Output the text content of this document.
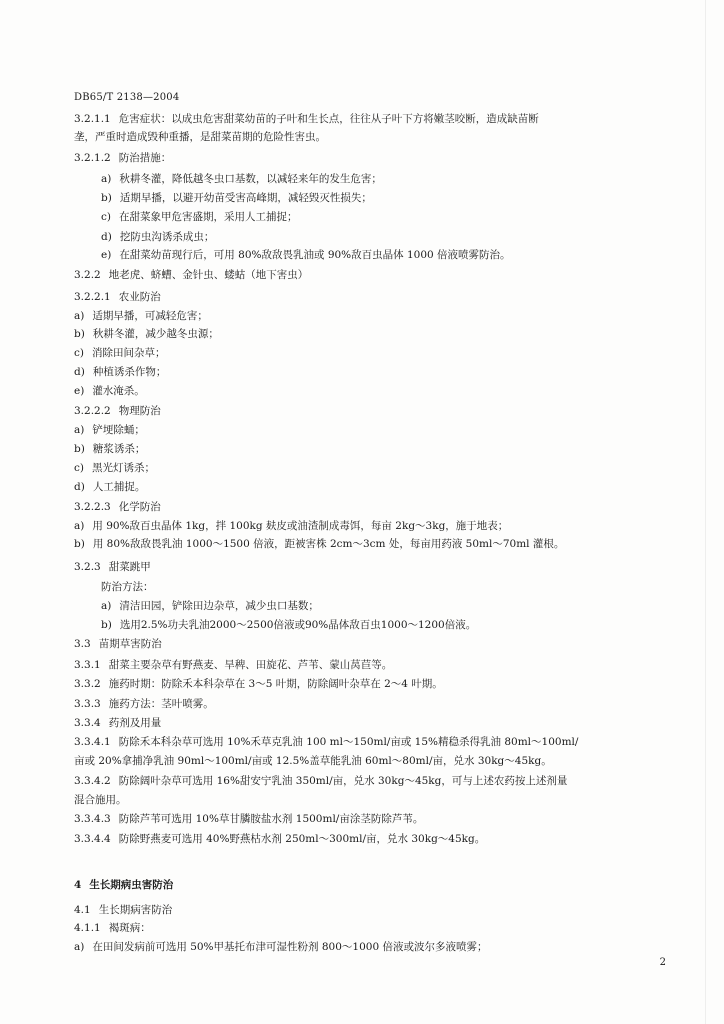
DB65/T 2138—2004
3.2.1.1 危害症状：以成虫危害甜菜幼苗的子叶和生长点，往往从子叶下方将嫩茎咬断，造成缺苗断
垄，严重时造成毁种重播，是甜菜苗期的危险性害虫。
3.2.1.2 防治措施：
a) 秋耕冬灌，降低越冬虫口基数，以减轻来年的发生危害；
b) 适期早播，以避开幼苗受害高峰期，减轻毁灭性损失；
c) 在甜菜象甲危害盛期，采用人工捕捉；
d) 挖防虫沟诱杀成虫；
e) 在甜菜幼苗现行后，可用 80%敌敌畏乳油或 90%敌百虫晶体 1000 倍液喷雾防治。
3.2.2 地老虎、蛴螬、金针虫、蝼蛄（地下害虫）
3.2.2.1 农业防治
a) 适期早播，可减轻危害；
b) 秋耕冬灌，减少越冬虫源；
c) 消除田间杂草；
d) 种植诱杀作物；
e) 灌水淹杀。
3.2.2.2 物理防治
a) 铲埂除蛹；
b) 糖浆诱杀；
c) 黑光灯诱杀；
d) 人工捕捉。
3.2.2.3 化学防治
a) 用 90%敌百虫晶体 1kg，拌 100kg 麸皮或油渣制成毒饵，每亩 2kg～3kg，施于地表；
b) 用 80%敌敌畏乳油 1000～1500 倍液，距被害株 2cm～3cm 处，每亩用药液 50ml～70ml 灌根。
3.2.3 甜菜跳甲
防治方法：
a) 清洁田园，铲除田边杂草，减少虫口基数；
b) 选用2.5%功夫乳油2000～2500倍液或90%晶体敌百虫1000～1200倍液。
3.3 苗期草害防治
3.3.1 甜菜主要杂草有野燕麦、旱稗、田旋花、芦苇、蒙山莴苣等。
3.3.2 施药时期：防除禾本科杂草在 3～5 叶期，防除阔叶杂草在 2～4 叶期。
3.3.3 施药方法：茎叶喷雾。
3.3.4 药剂及用量
3.3.4.1 防除禾本科杂草可选用 10%禾草克乳油 100 ml～150ml/亩或 15%精稳杀得乳油 80ml～100ml/
亩或 20%拿捕净乳油 90ml～100ml/亩或 12.5%盖草能乳油 60ml～80ml/亩，兑水 30kg～45kg。
3.3.4.2 防除阔叶杂草可选用 16%甜安宁乳油 350ml/亩，兑水 30kg～45kg，可与上述农药按上述剂量
混合施用。
3.3.4.3 防除芦苇可选用 10%草甘膦胺盐水剂 1500ml/亩涂茎防除芦苇。
3.3.4.4 防除野燕麦可选用 40%野燕枯水剂 250ml～300ml/亩，兑水 30kg～45kg。
4 生长期病虫害防治
4.1 生长期病害防治
4.1.1 褐斑病：
a) 在田间发病前可选用 50%甲基托布津可湿性粉剂 800～1000 倍液或波尔多液喷雾；
2
